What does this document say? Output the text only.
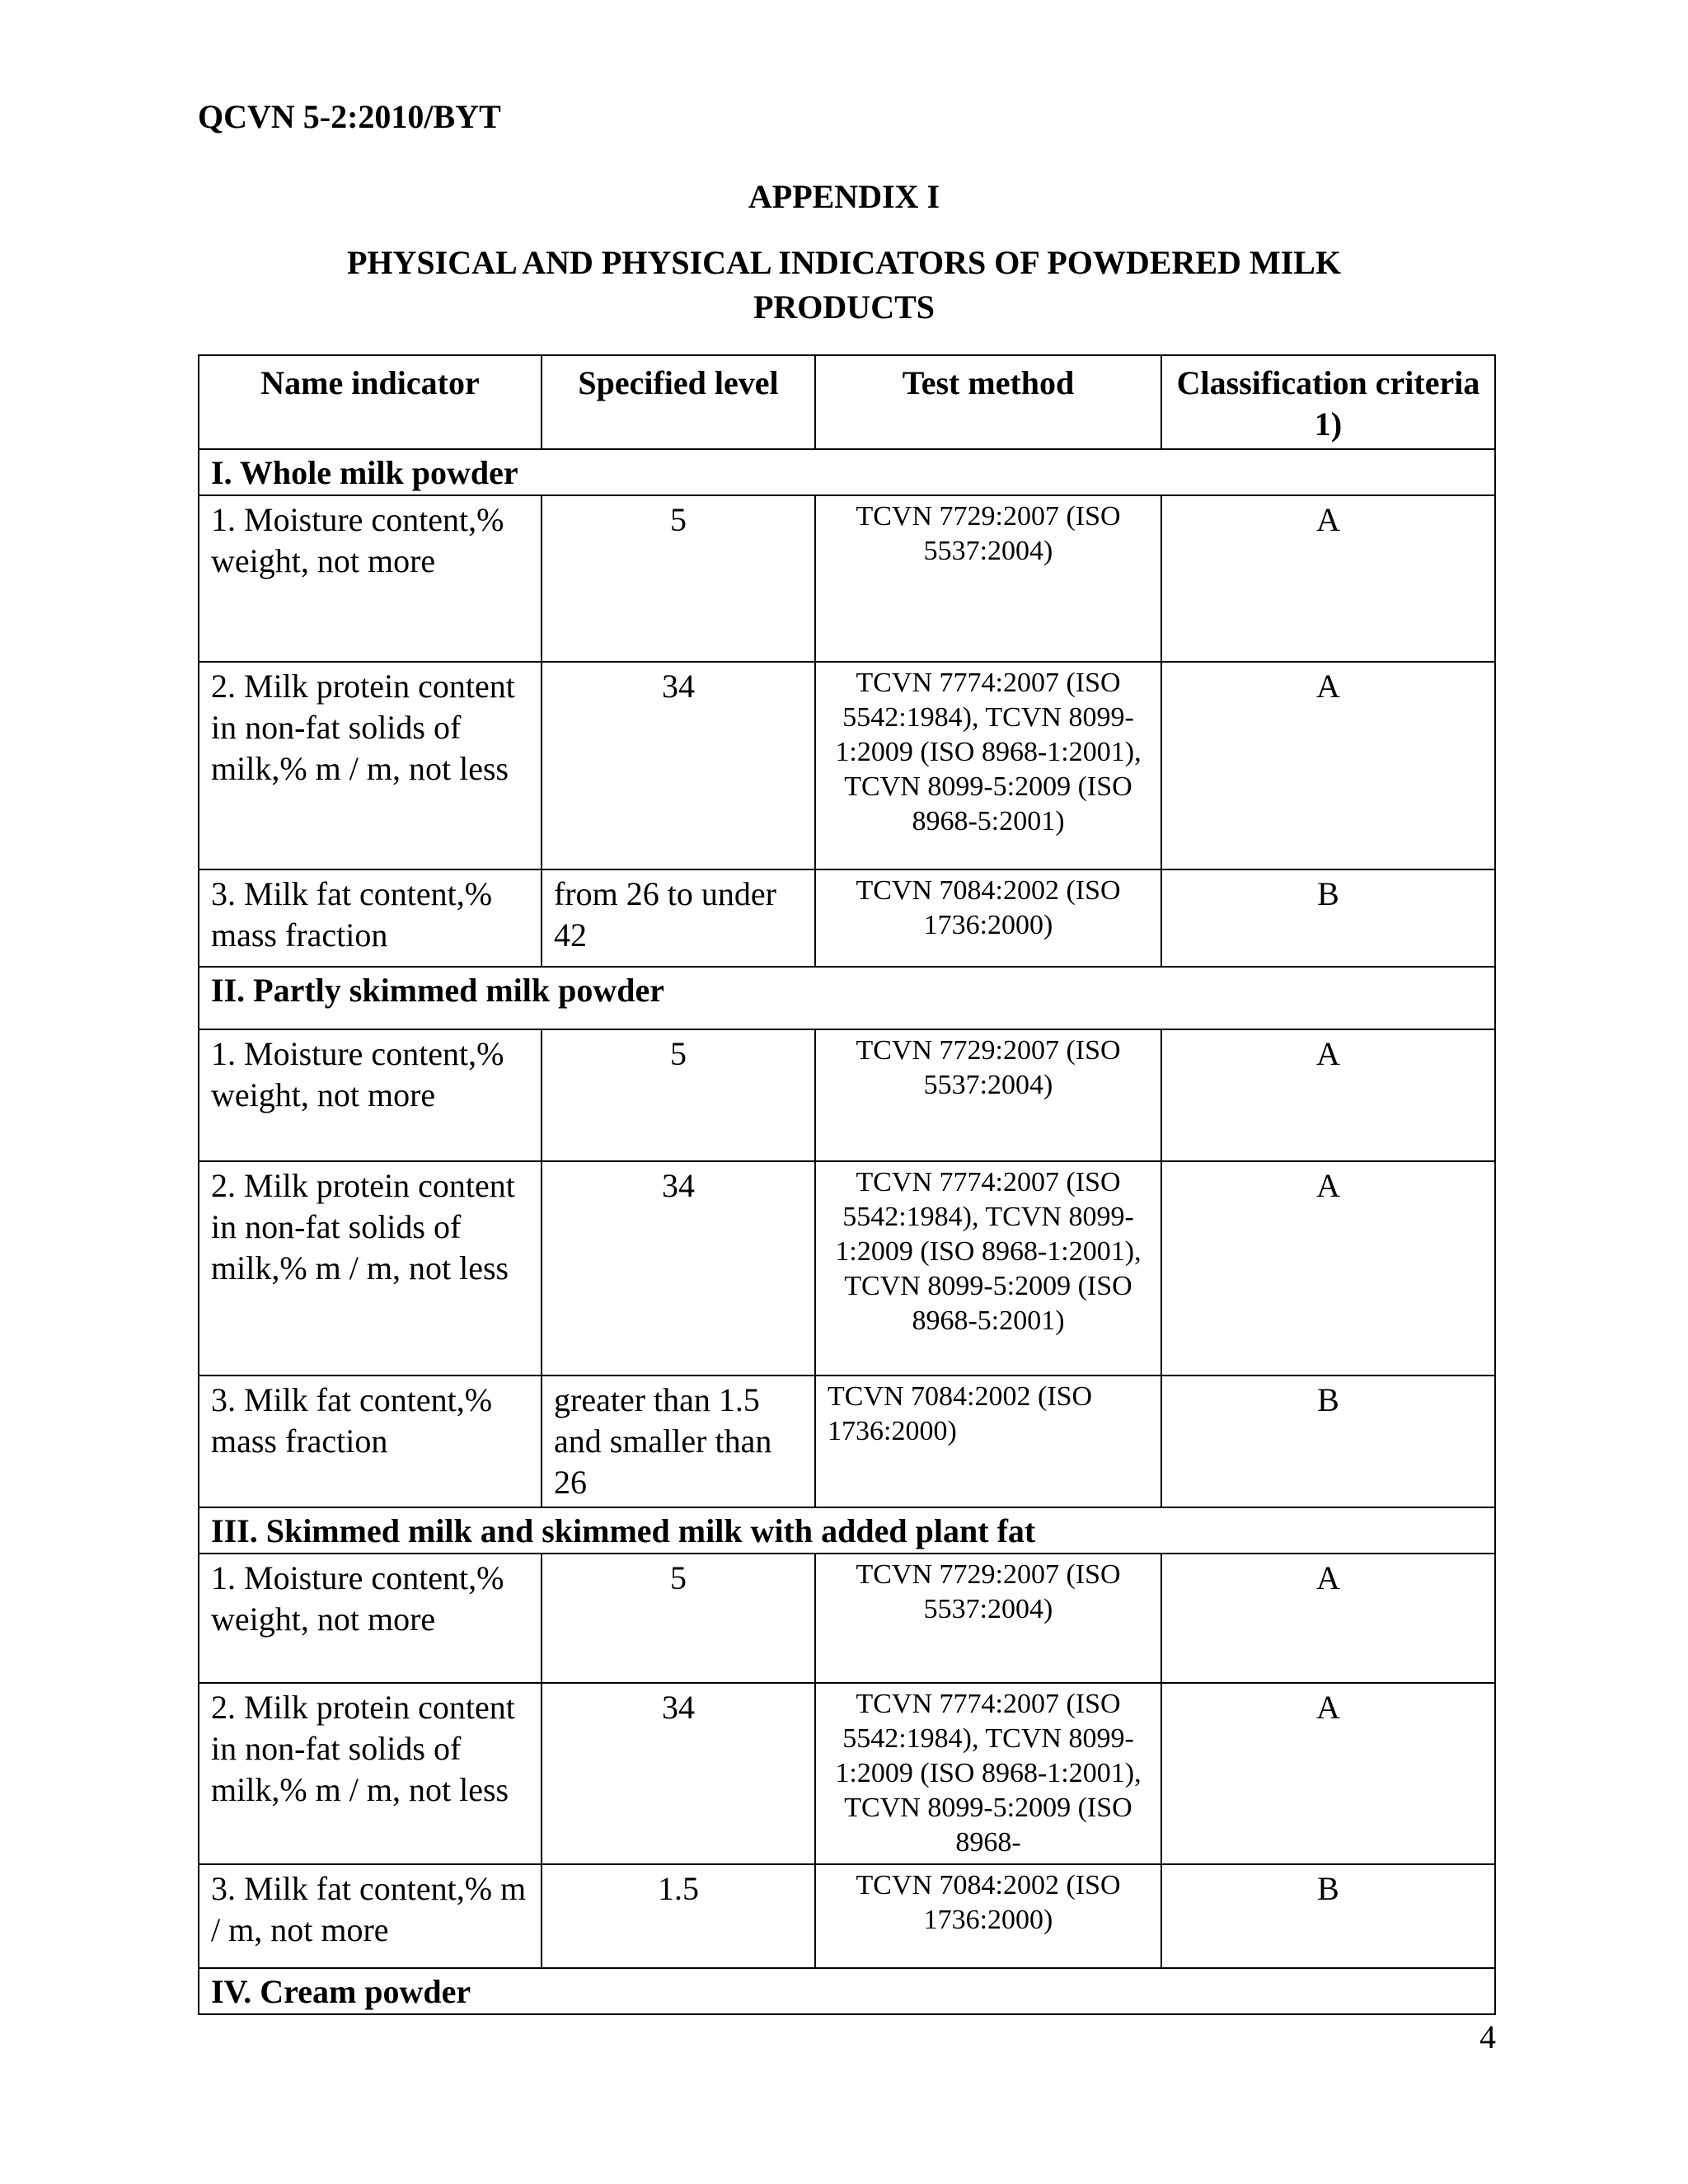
QCVN 5-2:2010/BYT

APPENDIX I

PHYSICAL AND PHYSICAL INDICATORS OF POWDERED MILK
PRODUCTS

Name indicator	Specified level	Test method	Classification criteria 1)
I. Whole milk powder			
1. Moisture content,% weight, not more	5	TCVN 7729:2007 (ISO 5537:2004)	A
2. Milk protein content in non-fat solids of milk,% m / m, not less	34	TCVN 7774:2007 (ISO 5542:1984), TCVN 8099-1:2009 (ISO 8968-1:2001), TCVN 8099-5:2009 (ISO 8968-5:2001)	A
3. Milk fat content,% mass fraction	from 26 to under 42	TCVN 7084:2002 (ISO 1736:2000)	B
II. Partly skimmed milk powder			
1. Moisture content,% weight, not more	5	TCVN 7729:2007 (ISO 5537:2004)	A
2. Milk protein content in non-fat solids of milk,% m / m, not less	34	TCVN 7774:2007 (ISO 5542:1984), TCVN 8099-1:2009 (ISO 8968-1:2001), TCVN 8099-5:2009 (ISO 8968-5:2001)	A
3. Milk fat content,% mass fraction	greater than 1.5 and smaller than 26	TCVN 7084:2002 (ISO 1736:2000)	B
III. Skimmed milk and skimmed milk with added plant fat			
1. Moisture content,% weight, not more	5	TCVN 7729:2007 (ISO 5537:2004)	A
2. Milk protein content in non-fat solids of milk,% m / m, not less	34	TCVN 7774:2007 (ISO 5542:1984), TCVN 8099-1:2009 (ISO 8968-1:2001), TCVN 8099-5:2009 (ISO 8968-	A
3. Milk fat content,% m / m, not more	1.5	TCVN 7084:2002 (ISO 1736:2000)	B
IV. Cream powder			

4
